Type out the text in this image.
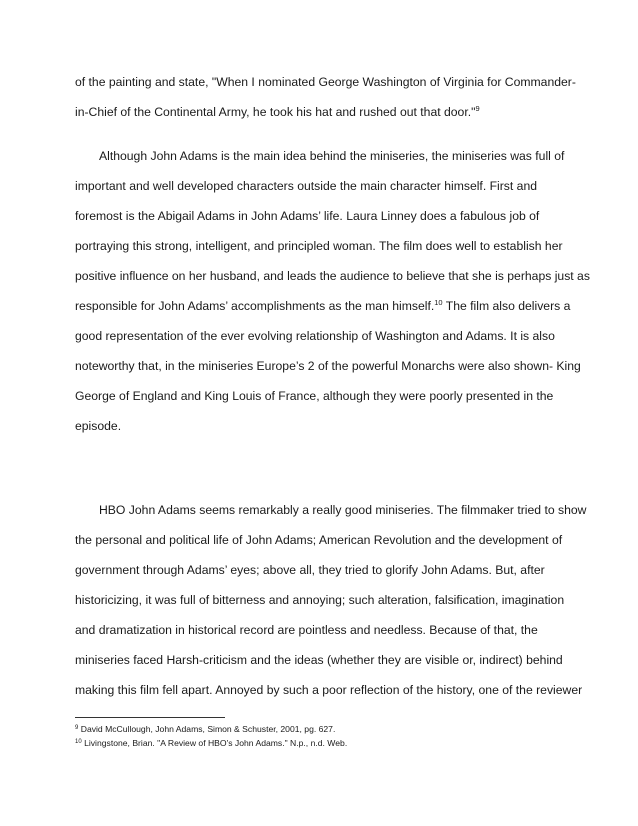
of the painting and state, "When I nominated George Washington of Virginia for Commander-
in-Chief of the Continental Army, he took his hat and rushed out that door."$^9$
Although John Adams is the main idea behind the miniseries, the miniseries was full of
important and well developed characters outside the main character himself. First and
foremost is the Abigail Adams in John Adams’ life. Laura Linney does a fabulous job of
portraying this strong, intelligent, and principled woman. The film does well to establish her
positive influence on her husband, and leads the audience to believe that she is perhaps just as
responsible for John Adams’ accomplishments as the man himself.$^{10}$ The film also delivers a
good representation of the ever evolving relationship of Washington and Adams. It is also
noteworthy that, in the miniseries Europe’s 2 of the powerful Monarchs were also shown- King
George of England and King Louis of France, although they were poorly presented in the
episode.
HBO John Adams seems remarkably a really good miniseries. The filmmaker tried to show
the personal and political life of John Adams; American Revolution and the development of
government through Adams’ eyes; above all, they tried to glorify John Adams. But, after
historicizing, it was full of bitterness and annoying; such alteration, falsification, imagination
and dramatization in historical record are pointless and needless. Because of that, the
miniseries faced Harsh-criticism and the ideas (whether they are visible or, indirect) behind
making this film fell apart. Annoyed by such a poor reflection of the history, one of the reviewer
$^9$ David McCullough, John Adams, Simon & Schuster, 2001, pg. 627.
$^{10}$ Livingstone, Brian. "A Review of HBO's John Adams." N.p., n.d. Web.
